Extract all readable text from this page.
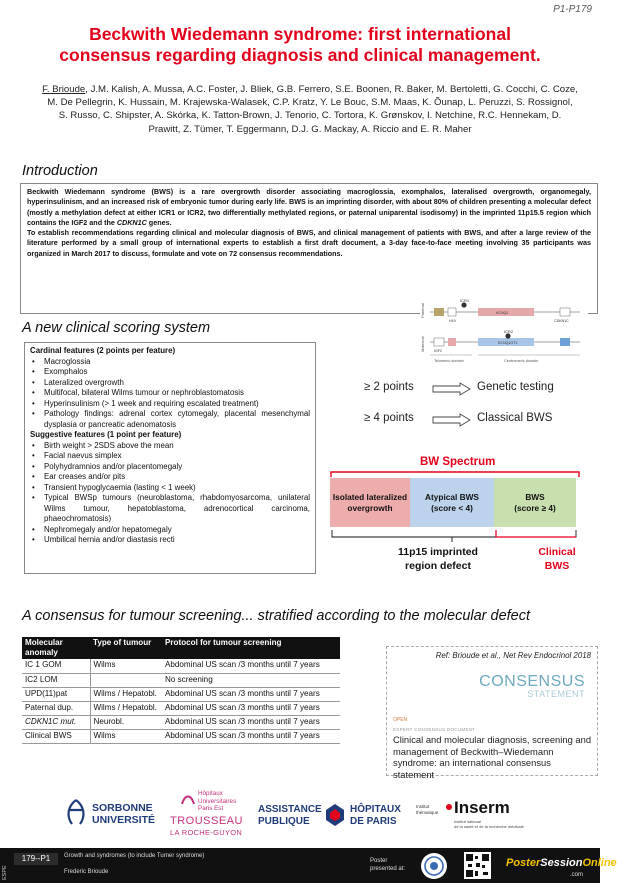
P1-P179
Beckwith Wiedemann syndrome: first international
consensus regarding diagnosis and clinical management.
F. Brioude, J.M. Kalish, A. Mussa, A.C. Foster, J. Bliek, G.B. Ferrero, S.E. Boonen, R. Baker, M. Bertoletti, G. Cocchi, C. Coze, M. De Pellegrin, K. Hussain, M. Krajewska-Walasek, C.P. Kratz, Y. Le Bouc, S.M. Maas, K. Õunap, L. Peruzzi, S. Rossignol, S. Russo, C. Shipster, A. Skórka, K. Tatton-Brown, J. Tenorio, C. Tortora, K. Grønskov, I. Netchine, R.C. Hennekam, D. Prawitt, Z. Tümer, T. Eggermann, D.J. G. Mackay, A. Riccio and E. R. Maher
Introduction

Beckwith Wiedemann syndrome (BWS) is a rare overgrowth disorder associating macroglossia, exomphalos, lateralised overgrowth, organomegaly, hyperinsulinism, and an increased risk of embryonic tumor during early life. BWS is an imprinting disorder, with about 80% of children presenting a molecular defect (mostly a methylation defect at either ICR1 or ICR2, two differentially methylated regions, or paternal uniparental isodisomy) in the imprinted 11p15.5 region which contains the IGF2 and the CDKN1C genes.

To establish recommendations regarding clinical and molecular diagnosis of BWS, and clinical management of patients with BWS, and after a large review of the literature performed by a small group of international experts to establish a first draft document, a 3-day face-to-face meeting involving 35 participants was organized in March 2017 to discuss, formulate and vote on 72 consensus recommendations.

Paternal
Maternal
ICR1
ICR2
H19
KCNQ1
KCNQ1OT1
CDKN1C
IGF2
Telomeric domain	Centromeric domain
A new clinical scoring system
Cardinal features (2 points per feature)
• Macroglossia
• Exomphalos
• Lateralized overgrowth
• Multifocal, bilateral Wilms tumour or nephroblastomatosis
• Hyperinsulinism (> 1 week and requiring escalated treatment)
• Pathology findings: adrenal cortex cytomegaly, placental mesenchymal dysplasia or pancreatic adenomatosis
Suggestive features (1 point per feature)
• Birth weight > 2SDS above the mean
• Facial naevus simplex
• Polyhydramnios and/or placentomegaly
• Ear creases and/or pits
• Transient hypoglycaemia (lasting < 1 week)
• Typical BWSp tumours (neuroblastoma, rhabdomyosarcoma, unilateral Wilms tumour, hepatoblastoma, adrenocortical carcinoma, phaeochromatosis)
• Nephromegaly and/or hepatomegaly
• Umbilical hernia and/or diastasis recti
≥ 2 points	Genetic testing
≥ 4 points	Classical BWS
BW Spectrum
Isolated lateralized overgrowth
Atypical BWS
(score < 4)
BWS
(score ≥ 4)
11p15 imprinted
region defect
Clinical
BWS
A consensus for tumour screening... stratified according to the molecular defect
Molecular anomaly	Type of tumour	Protocol for tumour screening
IC 1 GOM	Wilms	Abdominal US scan /3 months until 7 years
IC2 LOM		No screening
UPD(11)pat	Wilms / Hepatobl.	Abdominal US scan /3 months until 7 years
Paternal dup.	Wilms / Hepatobl.	Abdominal US scan /3 months until 7 years
CDKN1C mut.	Neurobl.	Abdominal US scan /3 months until 7 years
Clinical BWS	Wilms	Abdominal US scan /3 months until 7 years
Ref: Brioude et al., Net Rev Endocrinol 2018
CONSENSUS
STATEMENT
OPEN
EXPERT CONSENSUS DOCUMENT
Clinical and molecular diagnosis, screening and management of Beckwith–Wiedemann syndrome: an international consensus statement
SORBONNE
UNIVERSITÉ
Hôpitaux
Universitaires
Paris Est
TROUSSEAU
LA ROCHE-GUYON
ASSISTANCE
PUBLIQUE
HÔPITAUX
DE PARIS
Institut
thématique Inserm
Institut national
de la santé et de la recherche médicale
ESPE
179--P1	Growth and syndromes (to include Turner syndrome)
Frederic Brioude
Poster
presented at:	PosterSessionOnline
.com
